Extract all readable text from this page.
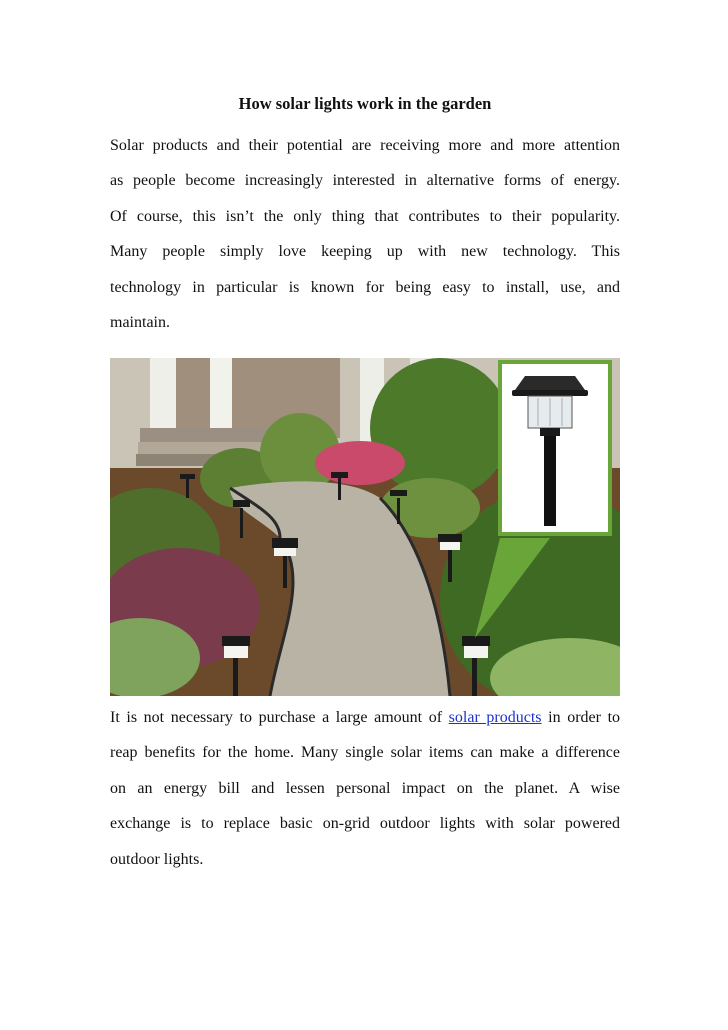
How solar lights work in the garden

Solar products and their potential are receiving more and more attention
as people become increasingly interested in alternative forms of energy.
Of course, this isn’t the only thing that contributes to their popularity.
Many people simply love keeping up with new technology. This
technology in particular is known for being easy to install, use, and
maintain.

It is not necessary to purchase a large amount of solar products in order to
reap benefits for the home. Many single solar items can make a difference
on an energy bill and lessen personal impact on the planet. A wise
exchange is to replace basic on-grid outdoor lights with solar powered
outdoor lights.
